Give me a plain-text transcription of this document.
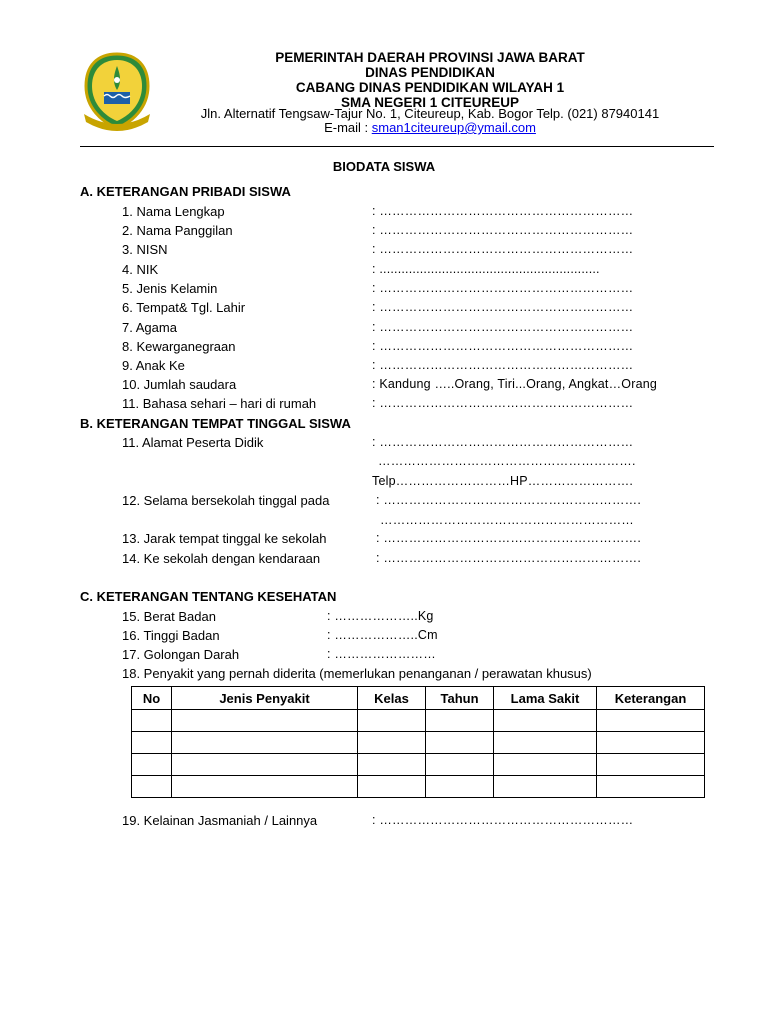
PEMERINTAH DAERAH PROVINSI JAWA BARAT
DINAS PENDIDIKAN
CABANG DINAS PENDIDIKAN WILAYAH 1
SMA NEGERI 1 CITEUREUP
Jln. Alternatif Tengsaw-Tajur No. 1, Citeureup, Kab. Bogor Telp. (021) 87940141
E-mail : sman1citeureup@ymail.com
BIODATA SISWA
A. KETERANGAN PRIBADI SISWA
1. Nama Lengkap	: ……………………………………………………
2. Nama Panggilan	: ……………………………………………………
3. NISN	: ……………………………………………………
4. NIK	: ............................................................
5. Jenis Kelamin	: ……………………………………………………
6. Tempat& Tgl. Lahir	: ……………………………………………………
7. Agama	: ……………………………………………………
8. Kewarganegraan	: ……………………………………………………
9. Anak Ke	: ……………………………………………………
10. Jumlah saudara	: Kandung …..Orang, Tiri...Orang, Angkat…Orang
11. Bahasa sehari – hari di rumah	: ……………………………………………………
B. KETERANGAN TEMPAT TINGGAL SISWA
11. Alamat Peserta Didik	: ……………………………………………………
…………………………………………………….
Telp………………………HP…………………….
12. Selama bersekolah tinggal pada	: …………………………………………………….
……………………………………………………
13. Jarak tempat tinggal ke sekolah	: …………………………………………………….
14. Ke sekolah dengan kendaraan	: …………………………………………………….
C. KETERANGAN TENTANG KESEHATAN
15. Berat Badan	: ………………..Kg
16. Tinggi Badan	: ………………..Cm
17. Golongan Darah	: ……………………
18. Penyakit yang pernah diderita (memerlukan penanganan / perawatan khusus)
No	Jenis Penyakit	Kelas	Tahun	Lama Sakit	Keterangan

19. Kelainan Jasmaniah / Lainnya	: ……………………………………………………
